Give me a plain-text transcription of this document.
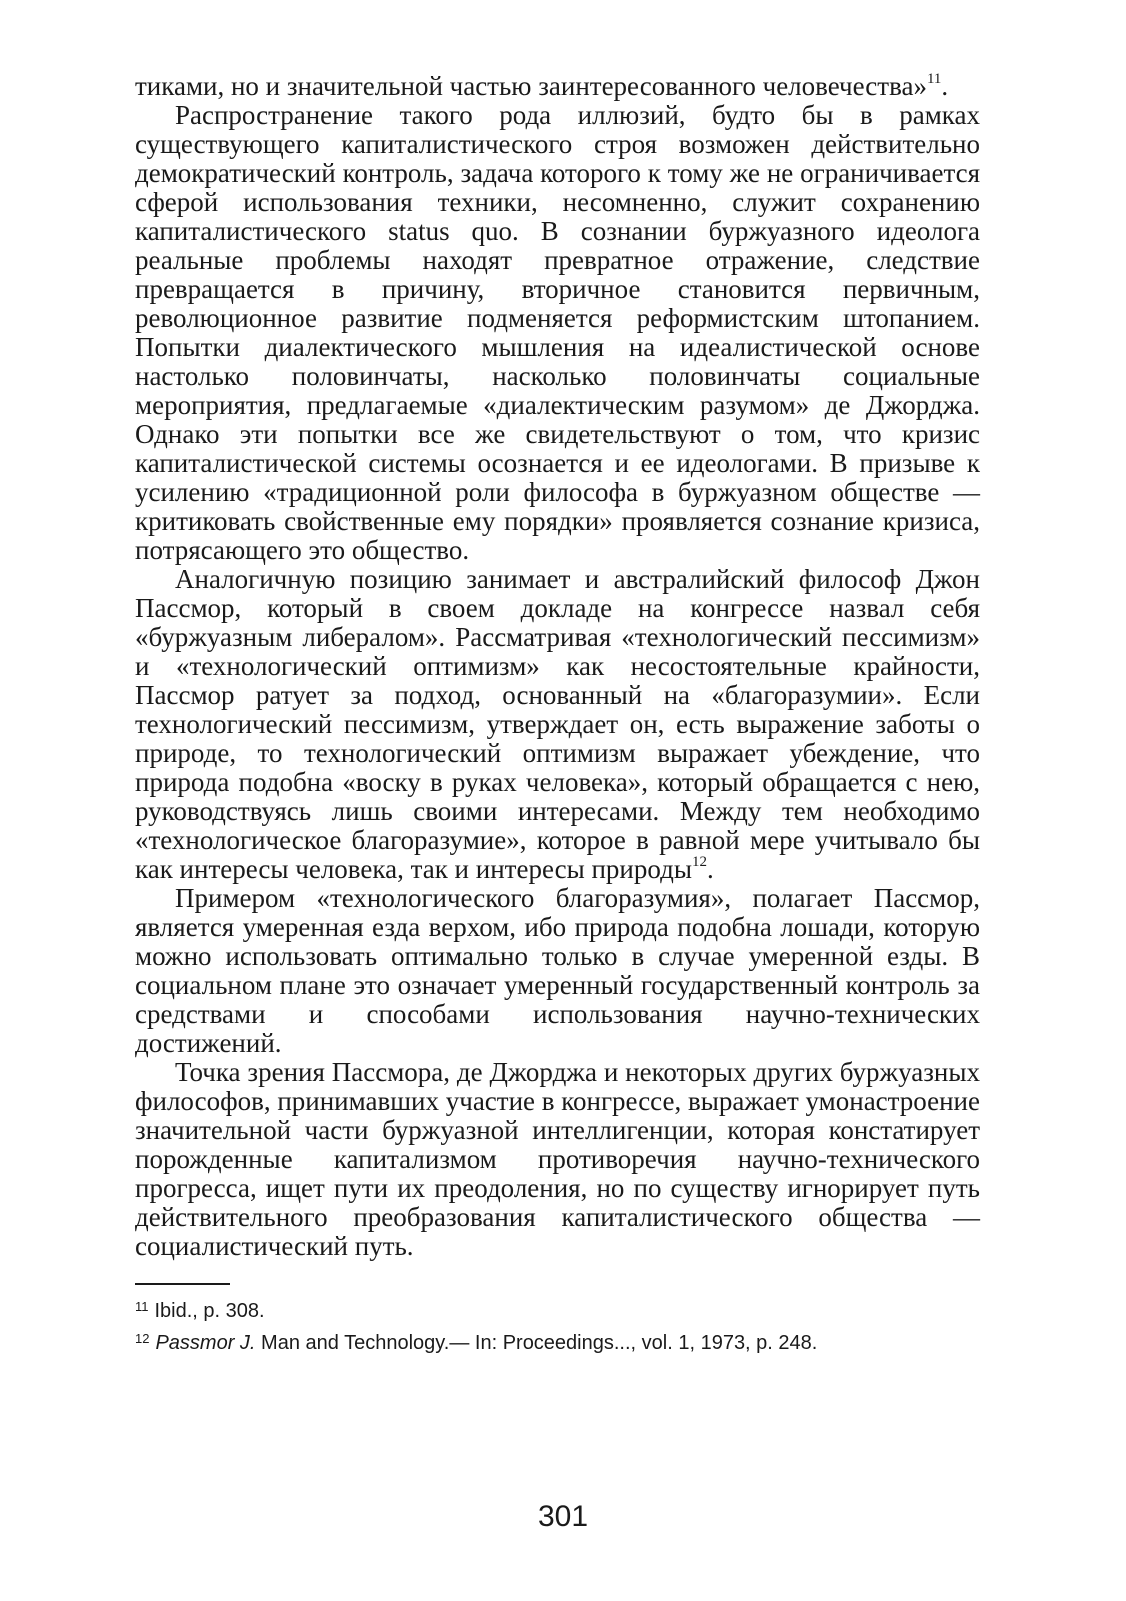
тиками, но и значительной частью заинтересованного человечества»$^{11}$.

Распространение такого рода иллюзий, будто бы в рамках существующего капиталистического строя возможен действительно демократический контроль, задача которого к тому же не ограничивается сферой использования техники, несомненно, служит сохранению капиталистического status quo. В сознании буржуазного идеолога реальные проблемы находят превратное отражение, следствие превращается в причину, вторичное становится первичным, революционное развитие подменяется реформистским штопанием. Попытки диалектического мышления на идеалистической основе настолько половинчаты, насколько половинчаты социальные мероприятия, предлагаемые «диалектическим разумом» де Джорджа. Однако эти попытки все же свидетельствуют о том, что кризис капиталистической системы осознается и ее идеологами. В призыве к усилению «традиционной роли философа в буржуазном обществе — критиковать свойственные ему порядки» проявляется сознание кризиса, потрясающего это общество.

Аналогичную позицию занимает и австралийский философ Джон Пассмор, который в своем докладе на конгрессе назвал себя «буржуазным либералом». Рассматривая «технологический пессимизм» и «технологический оптимизм» как несостоятельные крайности, Пассмор ратует за подход, основанный на «благоразумии». Если технологический пессимизм, утверждает он, есть выражение заботы о природе, то технологический оптимизм выражает убеждение, что природа подобна «воску в руках человека», который обращается с нею, руководствуясь лишь своими интересами. Между тем необходимо «технологическое благоразумие», которое в равной мере учитывало бы как интересы человека, так и интересы природы$^{12}$.

Примером «технологического благоразумия», полагает Пассмор, является умеренная езда верхом, ибо природа подобна лошади, которую можно использовать оптимально только в случае умеренной езды. В социальном плане это означает умеренный государственный контроль за средствами и способами использования научно-технических достижений.

Точка зрения Пассмора, де Джорджа и некоторых других буржуазных философов, принимавших участие в конгрессе, выражает умонастроение значительной части буржуазной интеллигенции, которая констатирует порожденные капитализмом противоречия научно-технического прогресса, ищет пути их преодоления, но по существу игнорирует путь действительного преобразования капиталистического общества — социалистический путь.

$^{11}$ Ibid., p. 308.
$^{12}$ Passmor J. Man and Technology.— In: Proceedings..., vol. 1, 1973, p. 248.
301
